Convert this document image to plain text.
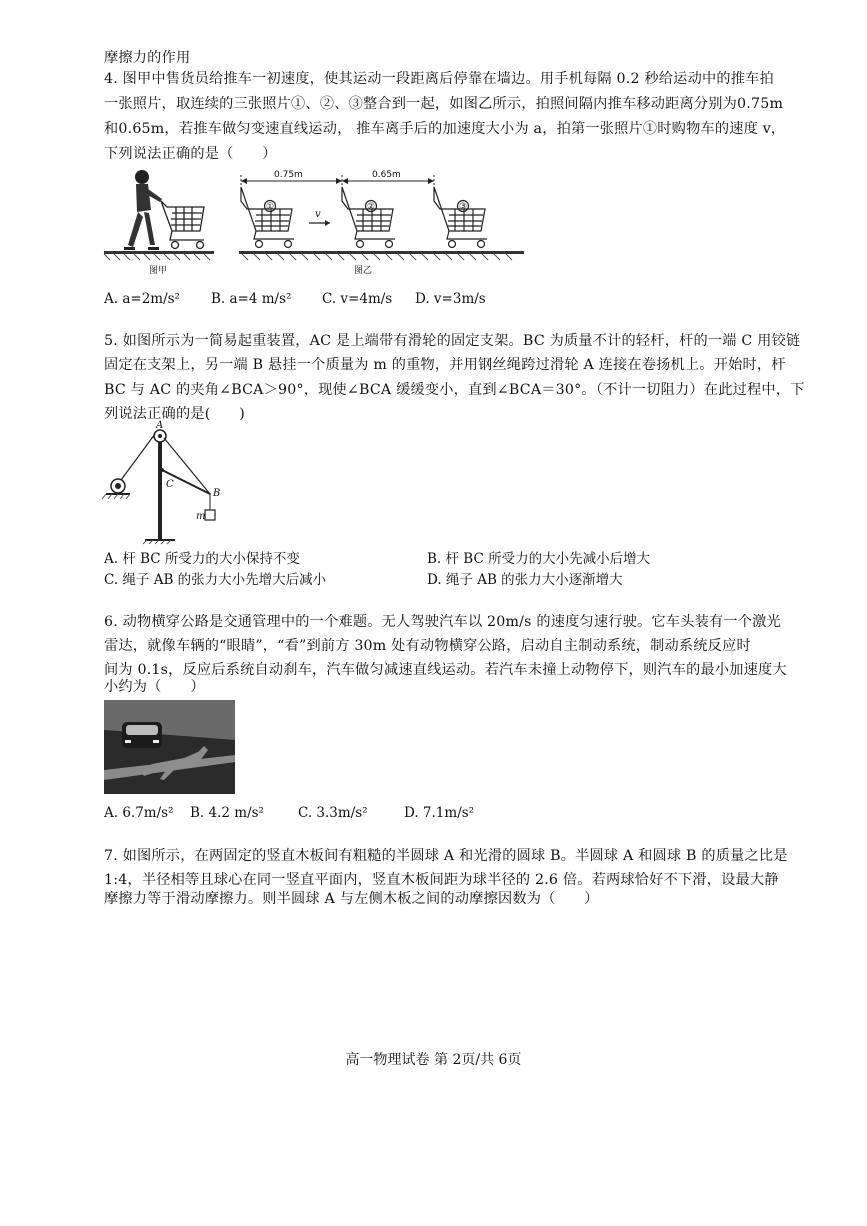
摩擦力的作用
4. 图甲中售货员给推车一初速度，使其运动一段距离后停靠在墙边。用手机每隔 0.2 秒给运动中的推车拍
一张照片，取连续的三张照片①、②、③整合到一起，如图乙所示，拍照间隔内推车移动距离分别为0.75m
和0.65m，若推车做匀变速直线运动， 推车离手后的加速度大小为 a，拍第一张照片①时购物车的速度 v，
下列说法正确的是（　　）
图甲
0.75m	0.65m
①
v
②	③
图乙
A. a=2m/s² B. a=4 m/s² C. v=4m/s D. v=3m/s
5. 如图所示为一简易起重装置，AC 是上端带有滑轮的固定支架。BC 为质量不计的轻杆，杆的一端 C 用铰链
固定在支架上，另一端 B 悬挂一个质量为 m 的重物，并用钢丝绳跨过滑轮 A 连接在卷扬机上。开始时，杆
BC 与 AC 的夹角∠BCA＞90°，现使∠BCA 缓缓变小，直到∠BCA＝30°。（不计一切阻力）在此过程中，下
列说法正确的是(　　)
A
C
B
m
A. 杆 BC 所受力的大小保持不变	B. 杆 BC 所受力的大小先减小后增大
C. 绳子 AB 的张力大小先增大后减小	D. 绳子 AB 的张力大小逐渐增大
6. 动物横穿公路是交通管理中的一个难题。无人驾驶汽车以 20m/s 的速度匀速行驶。它车头装有一个激光
雷达，就像车辆的“眼睛”，“看”到前方 30m 处有动物横穿公路，启动自主制动系统，制动系统反应时
间为 0.1s，反应后系统自动刹车，汽车做匀减速直线运动。若汽车未撞上动物停下，则汽车的最小加速度大
小约为（　　）
A. 6.7m/s² B. 4.2 m/s²	C. 3.3m/s²	D. 7.1m/s²
7. 如图所示，在两固定的竖直木板间有粗糙的半圆球 A 和光滑的圆球 B。半圆球 A 和圆球 B 的质量之比是
1:4，半径相等且球心在同一竖直平面内，竖直木板间距为球半径的 2.6 倍。若两球恰好不下滑，设最大静
摩擦力等于滑动摩擦力。则半圆球 A 与左侧木板之间的动摩擦因数为（　　）
高一物理试卷 第 2页/共 6页
